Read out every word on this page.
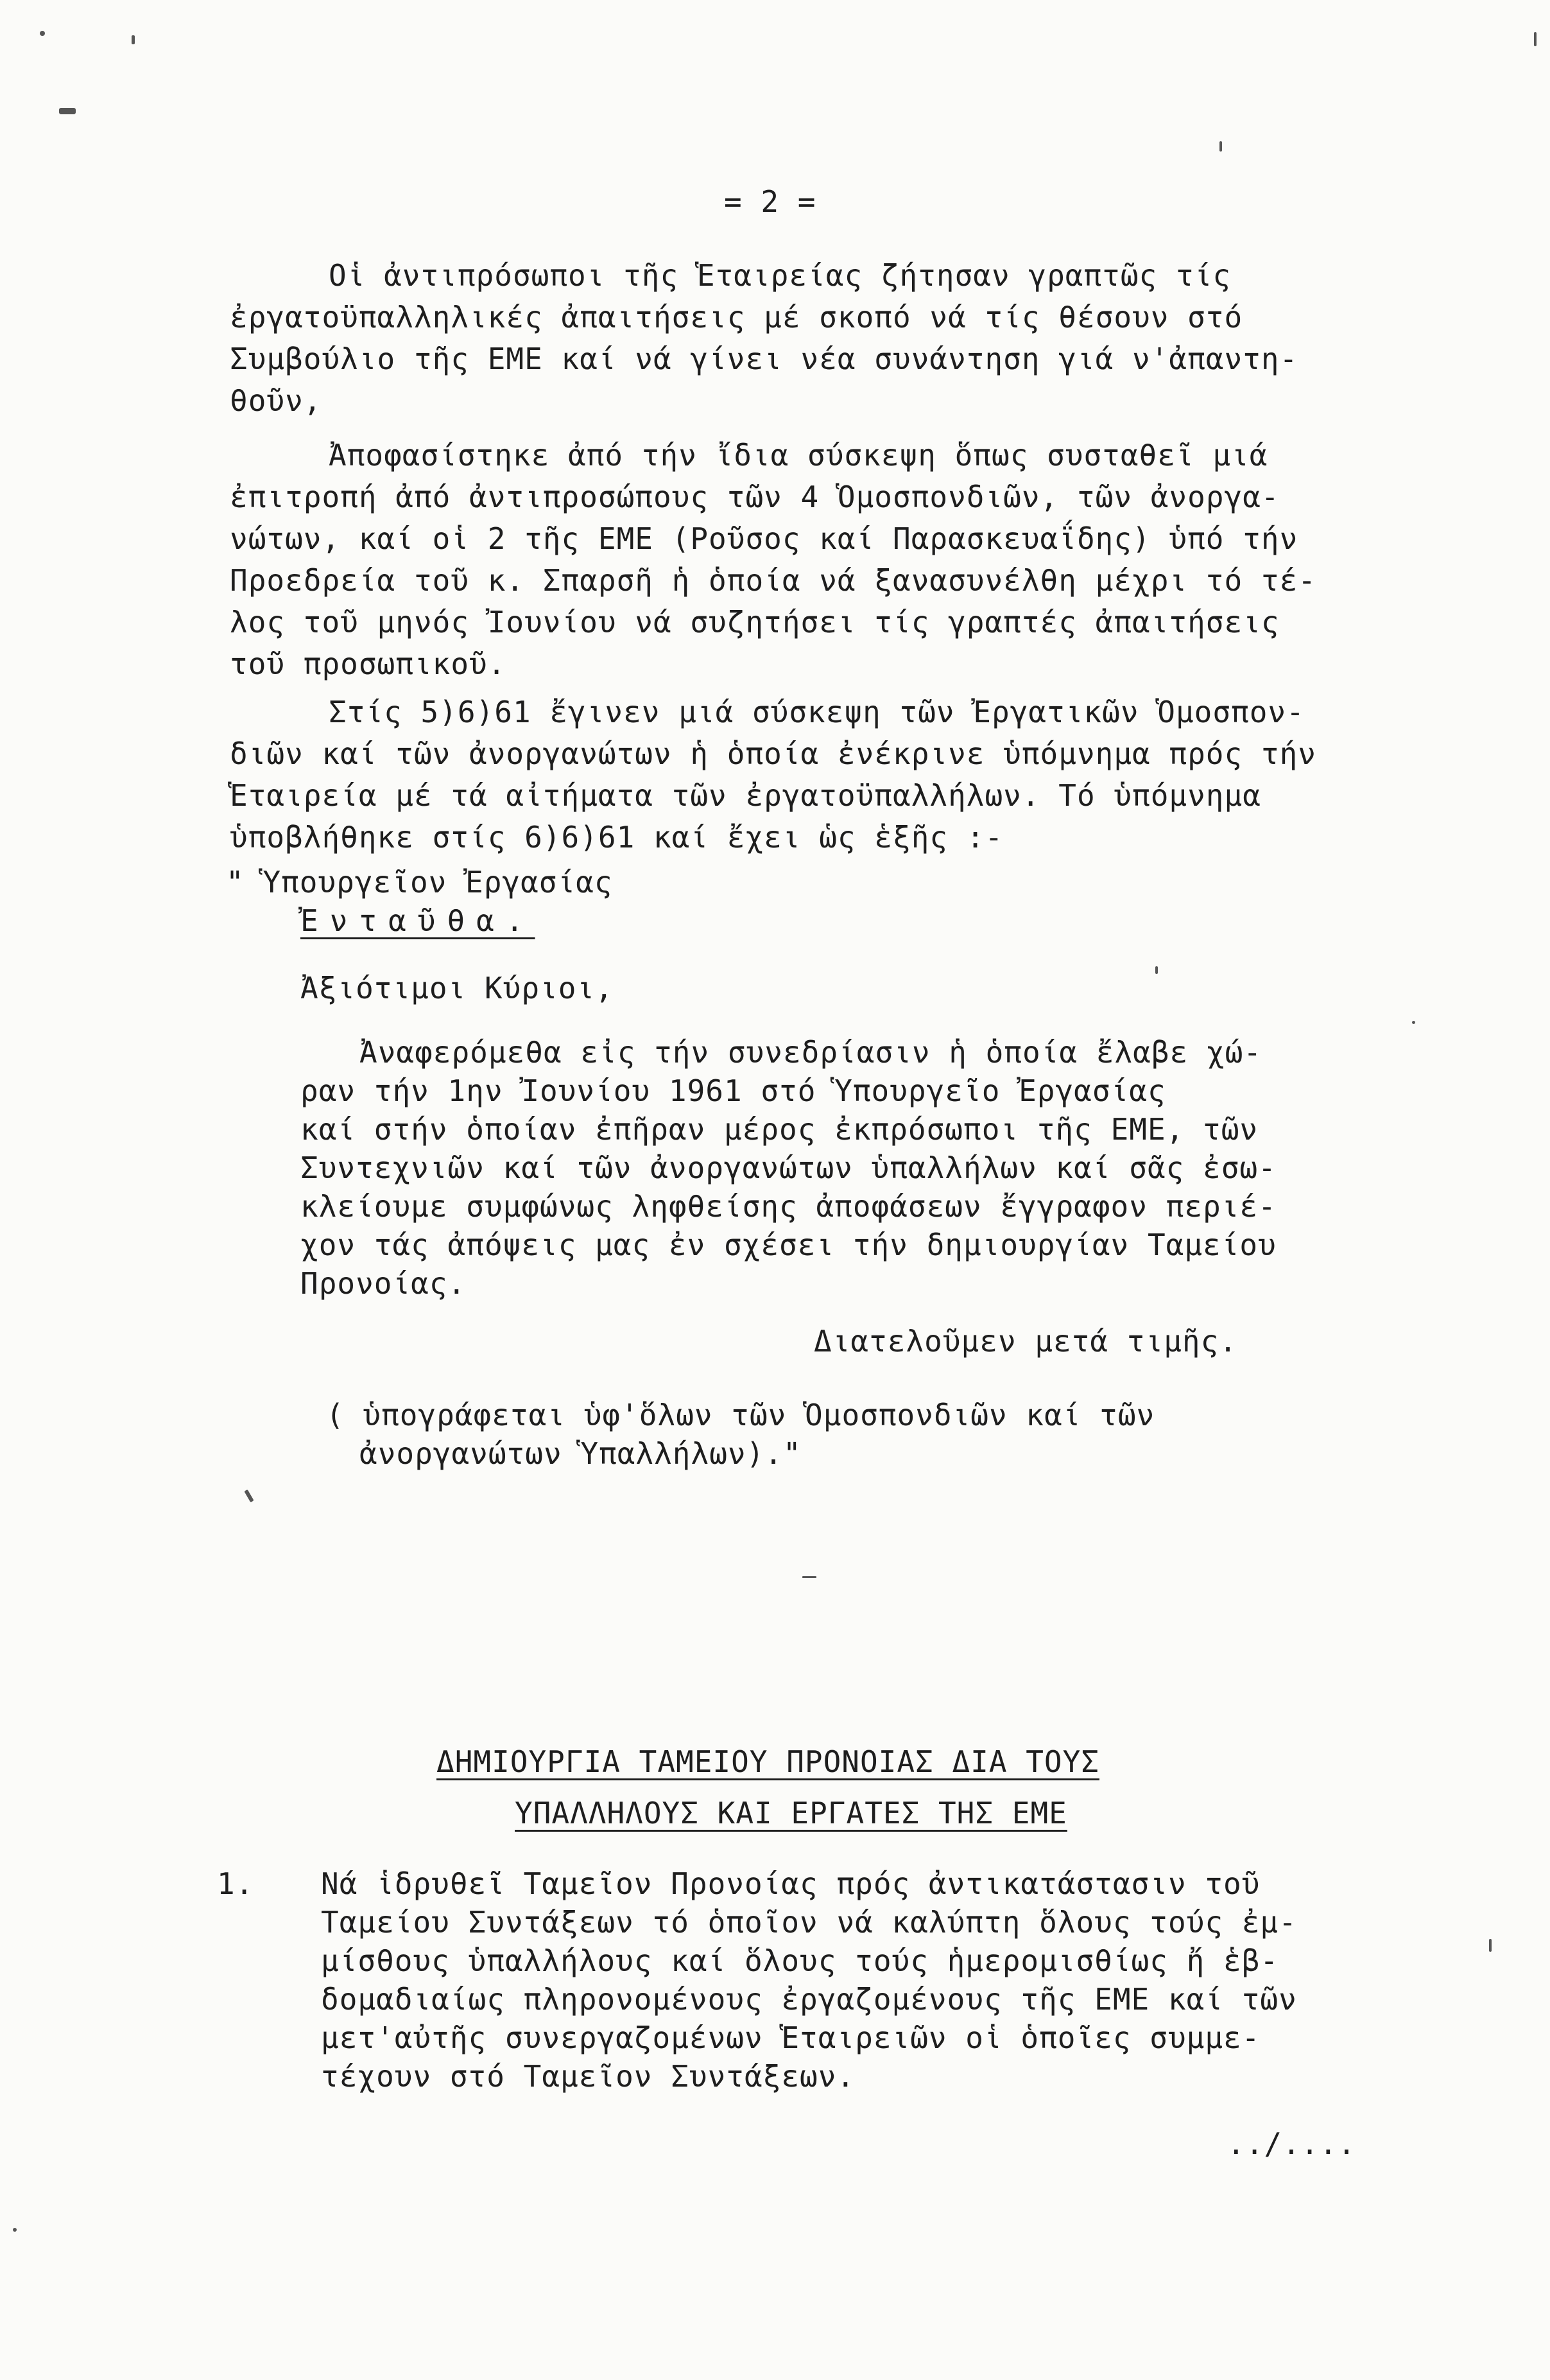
= 2 =
Οἱ ἀντιπρόσωποι τῆς Ἑταιρείας ζήτησαν γραπτῶς τίς
ἐργατοϋπαλληλικές ἀπαιτήσεις μέ σκοπό νά τίς θέσουν στό
Συμβούλιο τῆς ΕΜΕ καί νά γίνει νέα συνάντηση γιά ν'ἀπαντη-
θοῦν,
Ἀποφασίστηκε ἀπό τήν ἴδια σύσκεψη ὅπως συσταθεῖ μιά
ἐπιτροπή ἀπό ἀντιπροσώπους τῶν 4 Ὁμοσπονδιῶν, τῶν ἀνοργα-
νώτων, καί οἱ 2 τῆς ΕΜΕ (Ροῦσος καί Παρασκευαΐδης) ὑπό τήν
Προεδρεία τοῦ κ. Σπαρσῆ ἡ ὁποία νά ξανασυνέλθη μέχρι τό τέ-
λος τοῦ μηνός Ἰουνίου νά συζητήσει τίς γραπτές ἀπαιτήσεις
τοῦ προσωπικοῦ.
Στίς 5)6)61 ἔγινεν μιά σύσκεψη τῶν Ἐργατικῶν Ὁμοσπον-
διῶν καί τῶν ἀνοργανώτων ἡ ὁποία ἐνέκρινε ὑπόμνημα πρός τήν
Ἑταιρεία μέ τά αἰτήματα τῶν ἐργατοϋπαλλήλων. Τό ὑπόμνημα
ὑποβλήθηκε στίς 6)6)61 καί ἔχει ὡς ἑξῆς :-
" Ὑπουργεῖον Ἐργασίας
Ἐνταῦθα.
Ἀξιότιμοι Κύριοι,
Ἀναφερόμεθα εἰς τήν συνεδρίασιν ἡ ὁποία ἔλαβε χώ-
ραν τήν 1ην Ἰουνίου 1961 στό Ὑπουργεῖο Ἐργασίας
καί στήν ὁποίαν ἐπῆραν μέρος ἐκπρόσωποι τῆς ΕΜΕ, τῶν
Συντεχνιῶν καί τῶν ἀνοργανώτων ὑπαλλήλων καί σᾶς ἐσω-
κλείουμε συμφώνως ληφθείσης ἀποφάσεων ἔγγραφον περιέ-
χον τάς ἀπόψεις μας ἐν σχέσει τήν δημιουργίαν Ταμείου
Προνοίας.
Διατελοῦμεν μετά τιμῆς.
( ὑπογράφεται ὑφ'ὅλων τῶν Ὁμοσπονδιῶν καί τῶν
ἀνοργανώτων Ὑπαλλήλων)."
ΔΗΜΙΟΥΡΓΙΑ ΤΑΜΕΙΟΥ ΠΡΟΝΟΙΑΣ ΔΙΑ ΤΟΥΣ
ΥΠΑΛΛΗΛΟΥΣ ΚΑΙ ΕΡΓΑΤΕΣ ΤΗΣ ΕΜΕ
1. Νά ἱδρυθεῖ Ταμεῖον Προνοίας πρός ἀντικατάστασιν τοῦ
Ταμείου Συντάξεων τό ὁποῖον νά καλύπτη ὅλους τούς ἐμ-
μίσθους ὑπαλλήλους καί ὅλους τούς ἡμερομισθίως ἤ ἑβ-
δομαδιαίως πληρονομένους ἐργαζομένους τῆς ΕΜΕ καί τῶν
μετ'αὐτῆς συνεργαζομένων Ἑταιρειῶν οἱ ὁποῖες συμμε-
τέχουν στό Ταμεῖον Συντάξεων.
../....
